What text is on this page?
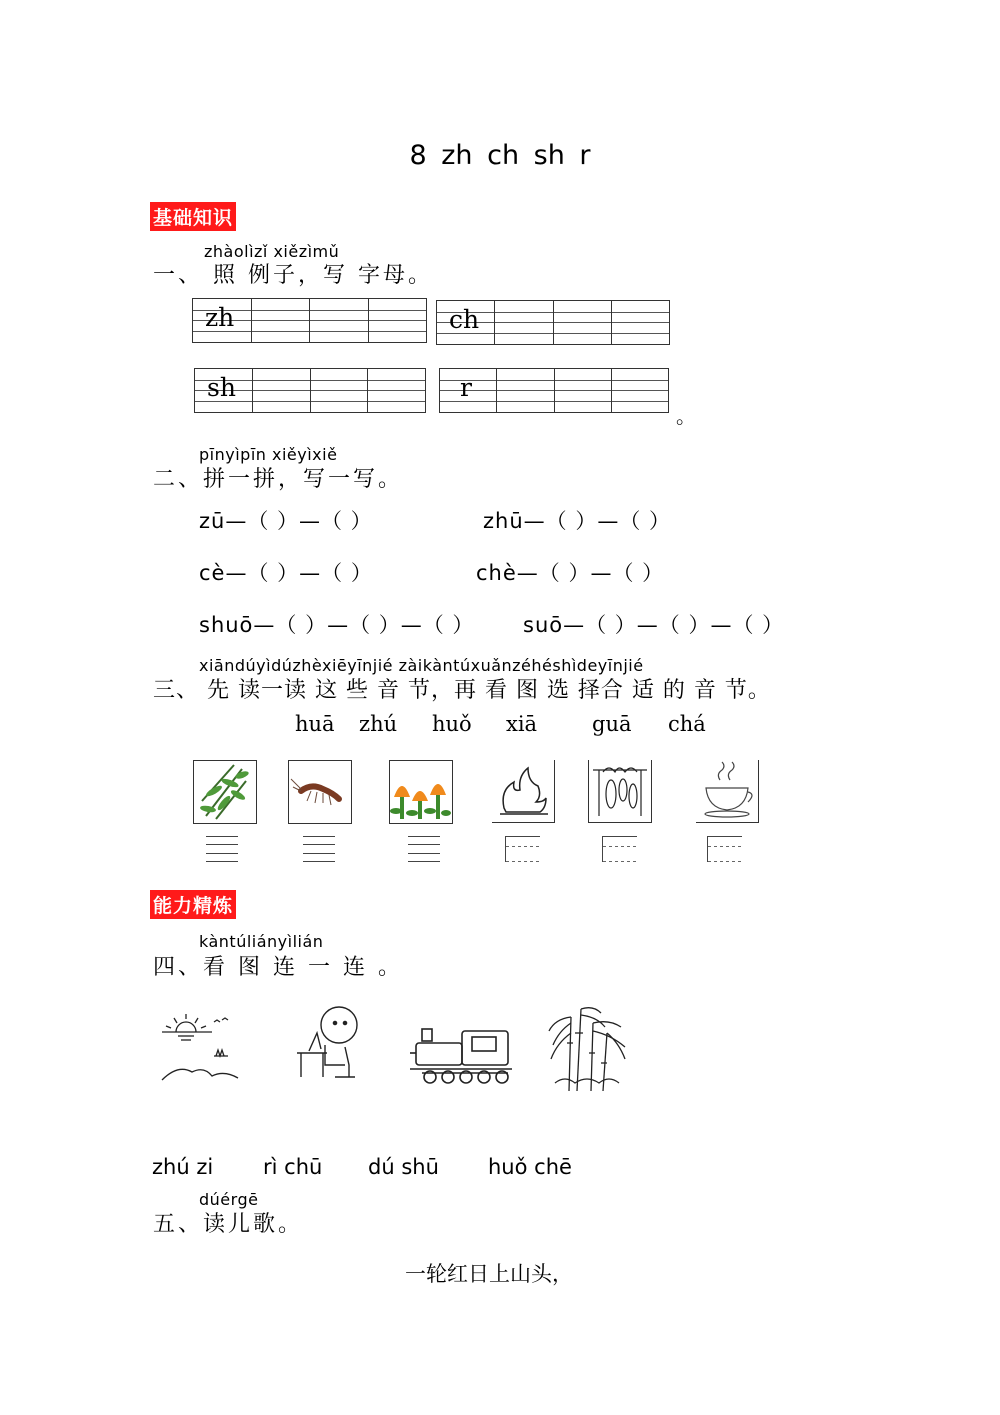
8 zh ch sh r
基础知识
zhàolìzǐ xiězìmǔ
一、 照 例子，写 字母。
zh	ch
sh	r
。
pīnyìpīn xiěyìxiě
二、拼一拼，写一写。
zū—（ ）—（ ）	zhū—（ ）—（ ）
cè—（ ）—（ ）	chè—（ ）—（ ）
shuō—（ ）—（ ）—（ ） suō—（ ）—（ ）—（ ）
xiāndúyìdúzhèxiēyīnjié zàikàntúxuǎnzéhéshìdeyīnjié
三、 先 读一读 这 些 音 节，再 看 图 选 择合 适 的 音 节。
huā zhú huǒ xiā	guā chá
能力精炼
kàntúliányìlián
四、看 图 连 一 连 。
zhú zi rì chū dú shū huǒ chē
dúérgē
五、读儿歌。
一轮红日上山头，
